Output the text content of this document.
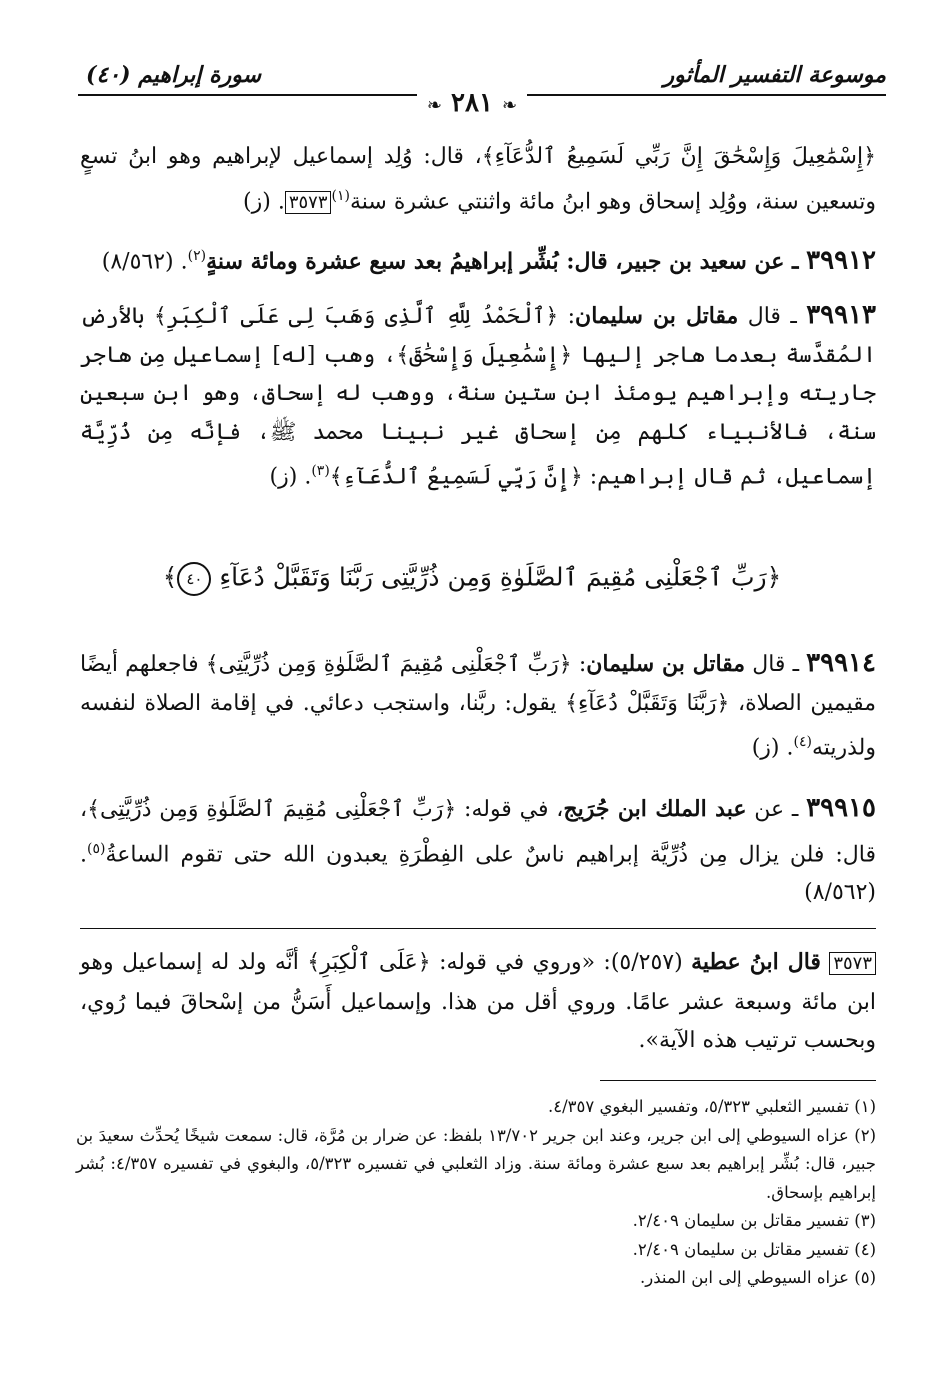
موسوعة التفسير المأثور
سورة إبراهيم (٤٠)
❧ ٢٨١ ❧
﴿إِسْمَٰعِيلَ وَإِسْحَٰقَ إِنَّ رَبِّي لَسَمِيعُ ٱلدُّعَآءِ﴾، قال: وُلِد إسماعيل لإبراهيم وهو ابنُ تسعٍ وتسعين سنة، ووُلِد إسحاق وهو ابنُ مائة واثنتي عشرة سنة$^{(١)}$٣٥٧٣. (ز)
٣٩٩١٢ ـ عن سعيد بن جبير، قال: بُشِّر إبراهيمُ بعد سبع عشرة ومائة سنةٍ$^{(٢)}$. (٨/٥٦٢)
٣٩٩١٣ ـ قال مقاتل بن سليمان: ﴿ٱلْحَمْدُ لِلَّهِ ٱلَّذِى وَهَبَ لِى عَلَى ٱلْكِبَرِ﴾ بالأرض المُقدَّسة بعدما هاجر إليها ﴿إِسْمَٰعِيلَ وَإِسْحَٰقَ﴾، وهب [له] إسماعيل مِن هاجر جاريته وإبراهيم يومئذ ابن ستين سنة، ووهب له إسحاق، وهو ابن سبعين سنة، فالأنبياء كلهم مِن إسحاق غير نبينا محمد ﷺ، فإنَّه مِن ذُرِّيَّة إسماعيل، ثم قال إبراهيم: ﴿إِنَّ رَبِّي لَسَمِيعُ ٱلدُّعَآءِ﴾$^{(٣)}$. (ز)
﴿رَبِّ ٱجْعَلْنِى مُقِيمَ ٱلصَّلَوٰةِ وَمِن ذُرِّيَّتِى رَبَّنَا وَتَقَبَّلْ دُعَآءِ ٤٠﴾
٣٩٩١٤ ـ قال مقاتل بن سليمان: ﴿رَبِّ ٱجْعَلْنِى مُقِيمَ ٱلصَّلَوٰةِ وَمِن ذُرِّيَّتِى﴾ فاجعلهم أيضًا مقيمين الصلاة، ﴿رَبَّنَا وَتَقَبَّلْ دُعَآءِ﴾ يقول: ربَّنا، واستجب دعائي. في إقامة الصلاة لنفسه ولذريته$^{(٤)}$. (ز)
٣٩٩١٥ ـ عن عبد الملك ابن جُرَيج، في قوله: ﴿رَبِّ ٱجْعَلْنِى مُقِيمَ ٱلصَّلَوٰةِ وَمِن ذُرِّيَّتِى﴾، قال: فلن يزال مِن ذُرِّيَّة إبراهيم ناسٌ على الفِطْرَةِ يعبدون الله حتى تقوم الساعةُ$^{(٥)}$. (٨/٥٦٢)
٣٥٧٣ قال ابنُ عطية (٥/٢٥٧): «وروي في قوله: ﴿عَلَى ٱلْكِبَرِ﴾ أنَّه ولد له إسماعيل وهو ابن مائة وسبعة عشر عامًا. وروي أقل من هذا. وإسماعيل أَسَنُّ من إسْحاقَ فيما رُوي، وبحسب ترتيب هذه الآية».

(١) تفسير الثعلبي ٥/٣٢٣، وتفسير البغوي ٤/٣٥٧.

(٢) عزاه السيوطي إلى ابن جرير، وعند ابن جرير ١٣/٧٠٢ بلفظ: عن ضرار بن مُرَّة، قال: سمعت شيخًا يُحدِّث سعيدَ بن جبير، قال: بُشِّر إبراهيم بعد سبع عشرة ومائة سنة. وزاد الثعلبي في تفسيره ٥/٣٢٣، والبغوي في تفسيره ٤/٣٥٧: بُشر إبراهيم بإسحاق.

(٣) تفسير مقاتل بن سليمان ٢/٤٠٩.

(٤) تفسير مقاتل بن سليمان ٢/٤٠٩.

(٥) عزاه السيوطي إلى ابن المنذر.
